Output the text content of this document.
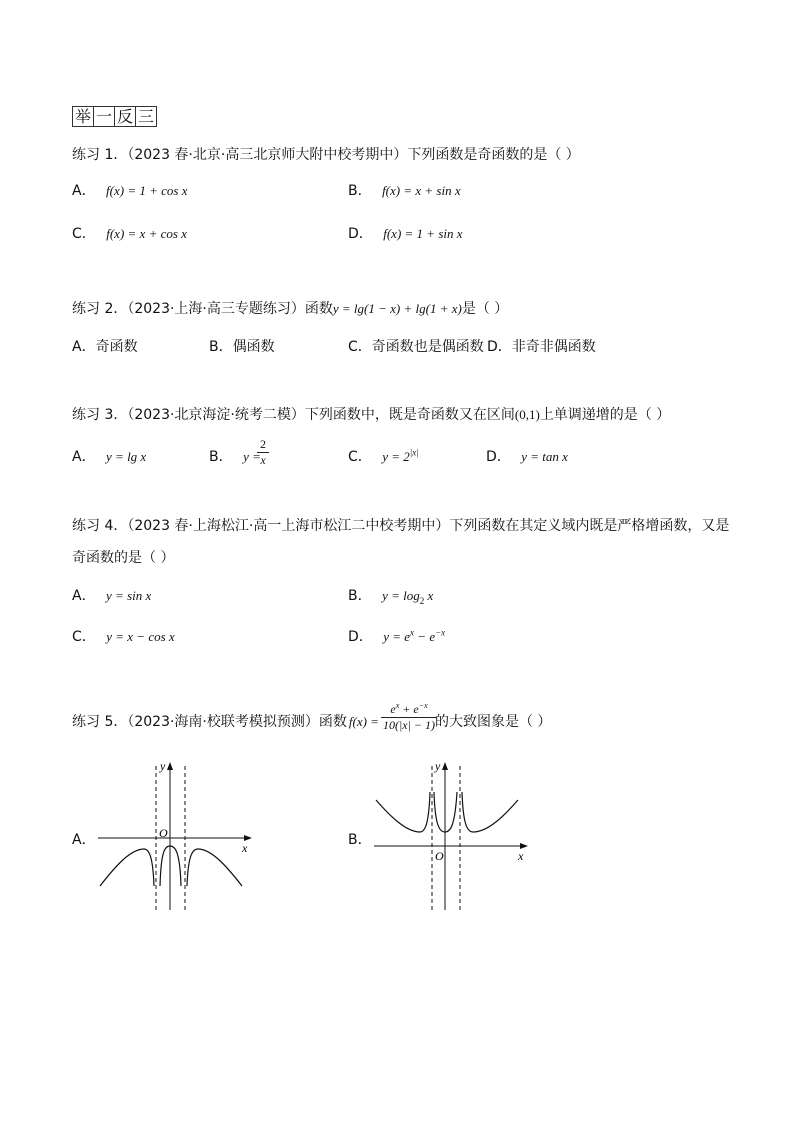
举 一 反 三
练习 1．（2023 春·北京·高三北京师大附中校考期中）下列函数是奇函数的是（ ）
A． f(x) = 1 + cos x	B． f(x) = x + sin x
C． f(x) = x + cos x	D． f(x) = 1 + sin x
练习 2．（2023·上海·高三专题练习）函数y = lg(1 − x) + lg(1 + x)是（ ）
A．奇函数	B．偶函数	C．奇函数也是偶函数 D．非奇非偶函数
练习 3．（2023·北京海淀·统考二模）下列函数中，既是奇函数又在区间(0,1)上单调递增的是（ ）
A． y = lg x	B． y =
$\frac{2}{x}$	C． $y = 2^{|x|}$	D． y = tan x
练习 4．（2023 春·上海松江·高一上海市松江二中校考期中）下列函数在其定义域内既是严格增函数，又是
奇函数的是（ ）
A． y = sin x	B． $y = \log_2 x$
C． y = x − cos x	D． $y = e^x - e^{-x}$
练习 5．（2023·海南·校联考模拟预测）函数 f(x) =	的大致图象是（ ）
$\frac{e^x + e^{-x}}{10(|x| - 1)}$
A．
y
x
O	B．
y
x
O
